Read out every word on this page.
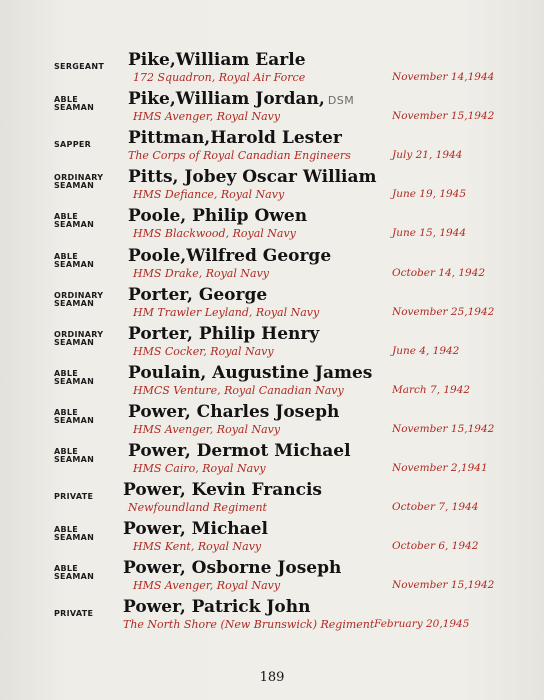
SERGEANT	Pike,William Earle
172 Squadron, Royal Air Force	November 14,1944
ABLE
SEAMAN	Pike,William Jordan, DSM
HMS Avenger, Royal Navy	November 15,1942
SAPPER	Pittman,Harold Lester
The Corps of Royal Canadian Engineers	July 21, 1944
ORDINARY
SEAMAN	Pitts, Jobey Oscar William
HMS Defiance, Royal Navy	June 19, 1945
ABLE
SEAMAN	Poole, Philip Owen
HMS Blackwood, Royal Navy	June 15, 1944
ABLE
SEAMAN	Poole,Wilfred George
HMS Drake, Royal Navy	October 14, 1942
ORDINARY
SEAMAN	Porter, George
HM Trawler Leyland, Royal Navy	November 25,1942
ORDINARY
SEAMAN	Porter, Philip Henry
HMS Cocker, Royal Navy	June 4, 1942
ABLE
SEAMAN	Poulain, Augustine James
HMCS Venture, Royal Canadian Navy	March 7, 1942
ABLE
SEAMAN	Power, Charles Joseph
HMS Avenger, Royal Navy	November 15,1942
ABLE
SEAMAN	Power, Dermot Michael
HMS Cairo, Royal Navy	November 2,1941
PRIVATE	Power, Kevin Francis
Newfoundland Regiment	October 7, 1944
ABLE
SEAMAN	Power, Michael
HMS Kent, Royal Navy	October 6, 1942
ABLE
SEAMAN	Power, Osborne Joseph
HMS Avenger, Royal Navy	November 15,1942
PRIVATE	Power, Patrick John
The North Shore (New Brunswick) Regiment February 20,1945
189
